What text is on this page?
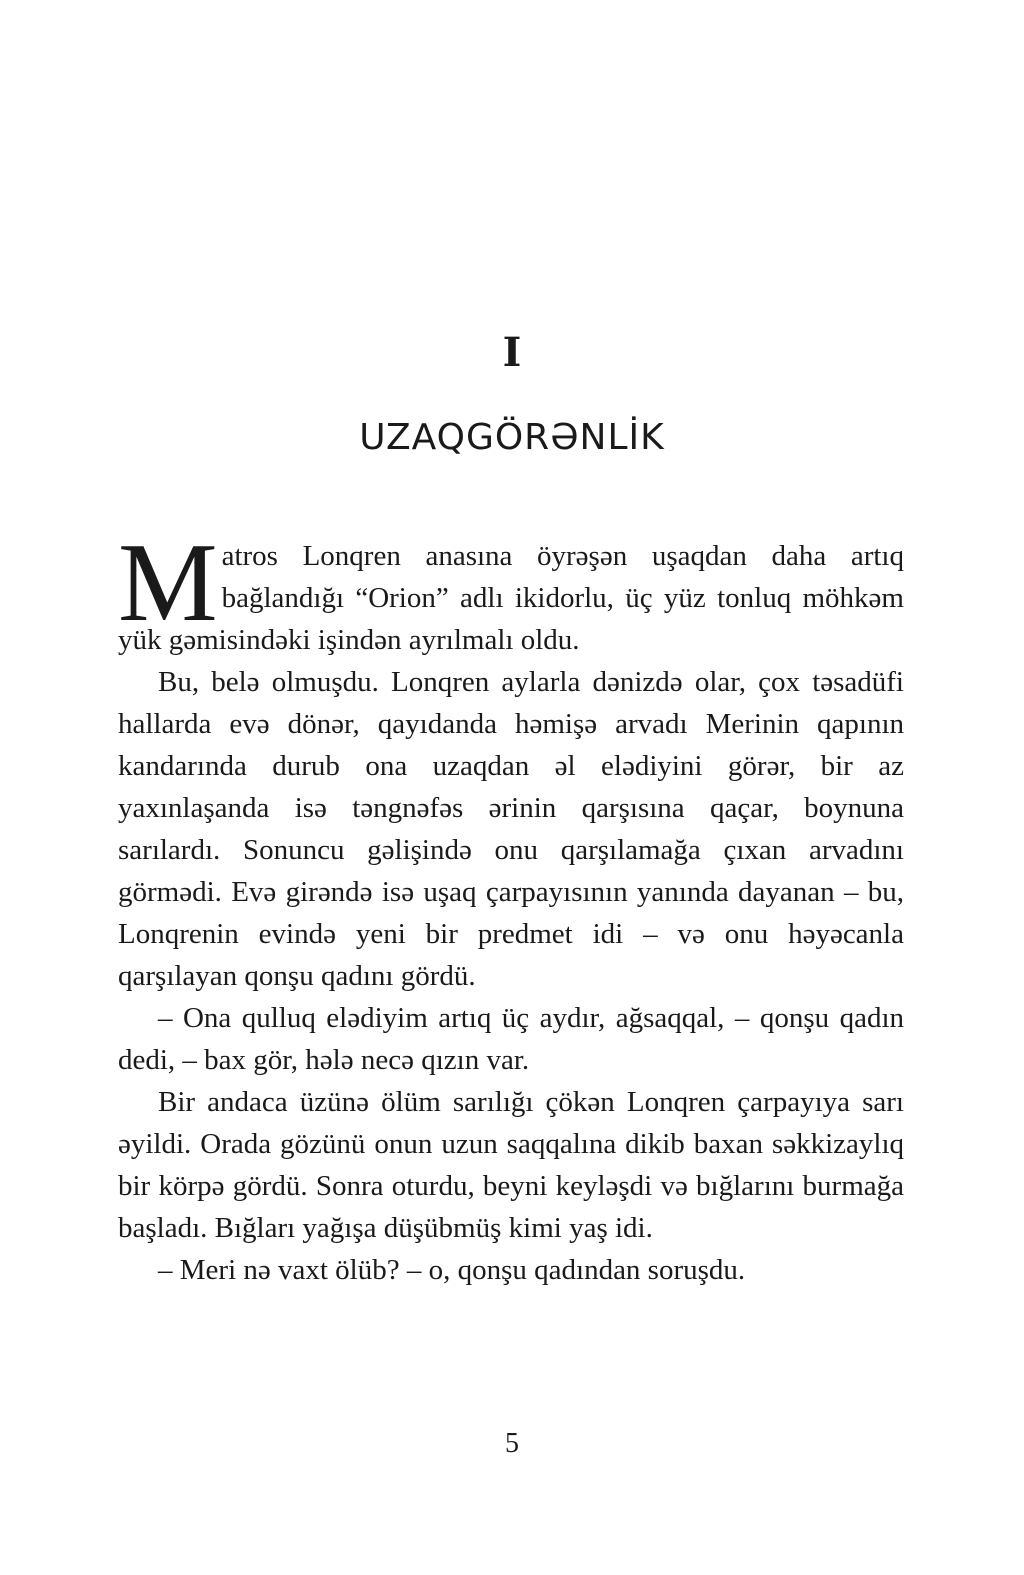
I
UZAQGÖRƏNLİK

Matros Lonqren anasına öyrəşən uşaqdan daha artıq bağlandığı “Orion” adlı ikidorlu, üç yüz tonluq möhkəm yük gəmisindəki işindən ayrılmalı oldu.

Bu, belə olmuşdu. Lonqren aylarla dənizdə olar, çox təsadüfi hallarda evə dönər, qayıdanda həmişə arvadı Merinin qapının kandarında durub ona uzaqdan əl elədiyini görər, bir az yaxınlaşanda isə təngnəfəs ərinin qarşısına qaçar, boynuna sarılardı. Sonuncu gəlişində onu qarşılamağa çıxan arvadını görmədi. Evə girəndə isə uşaq çarpayısının yanında dayanan – bu, Lonqrenin evində yeni bir predmet idi – və onu həyəcanla qarşılayan qonşu qadını gördü.

– Ona qulluq elədiyim artıq üç aydır, ağsaqqal, – qonşu qadın dedi, – bax gör, hələ necə qızın var.

Bir andaca üzünə ölüm sarılığı çökən Lonqren çarpayıya sarı əyildi. Orada gözünü onun uzun saqqalına dikib baxan səkkizaylıq bir körpə gördü. Sonra oturdu, beyni keyləşdi və bığlarını burmağa başladı. Bığları yağışa düşübmüş kimi yaş idi.

– Meri nə vaxt ölüb? – o, qonşu qadından soruşdu.

5
